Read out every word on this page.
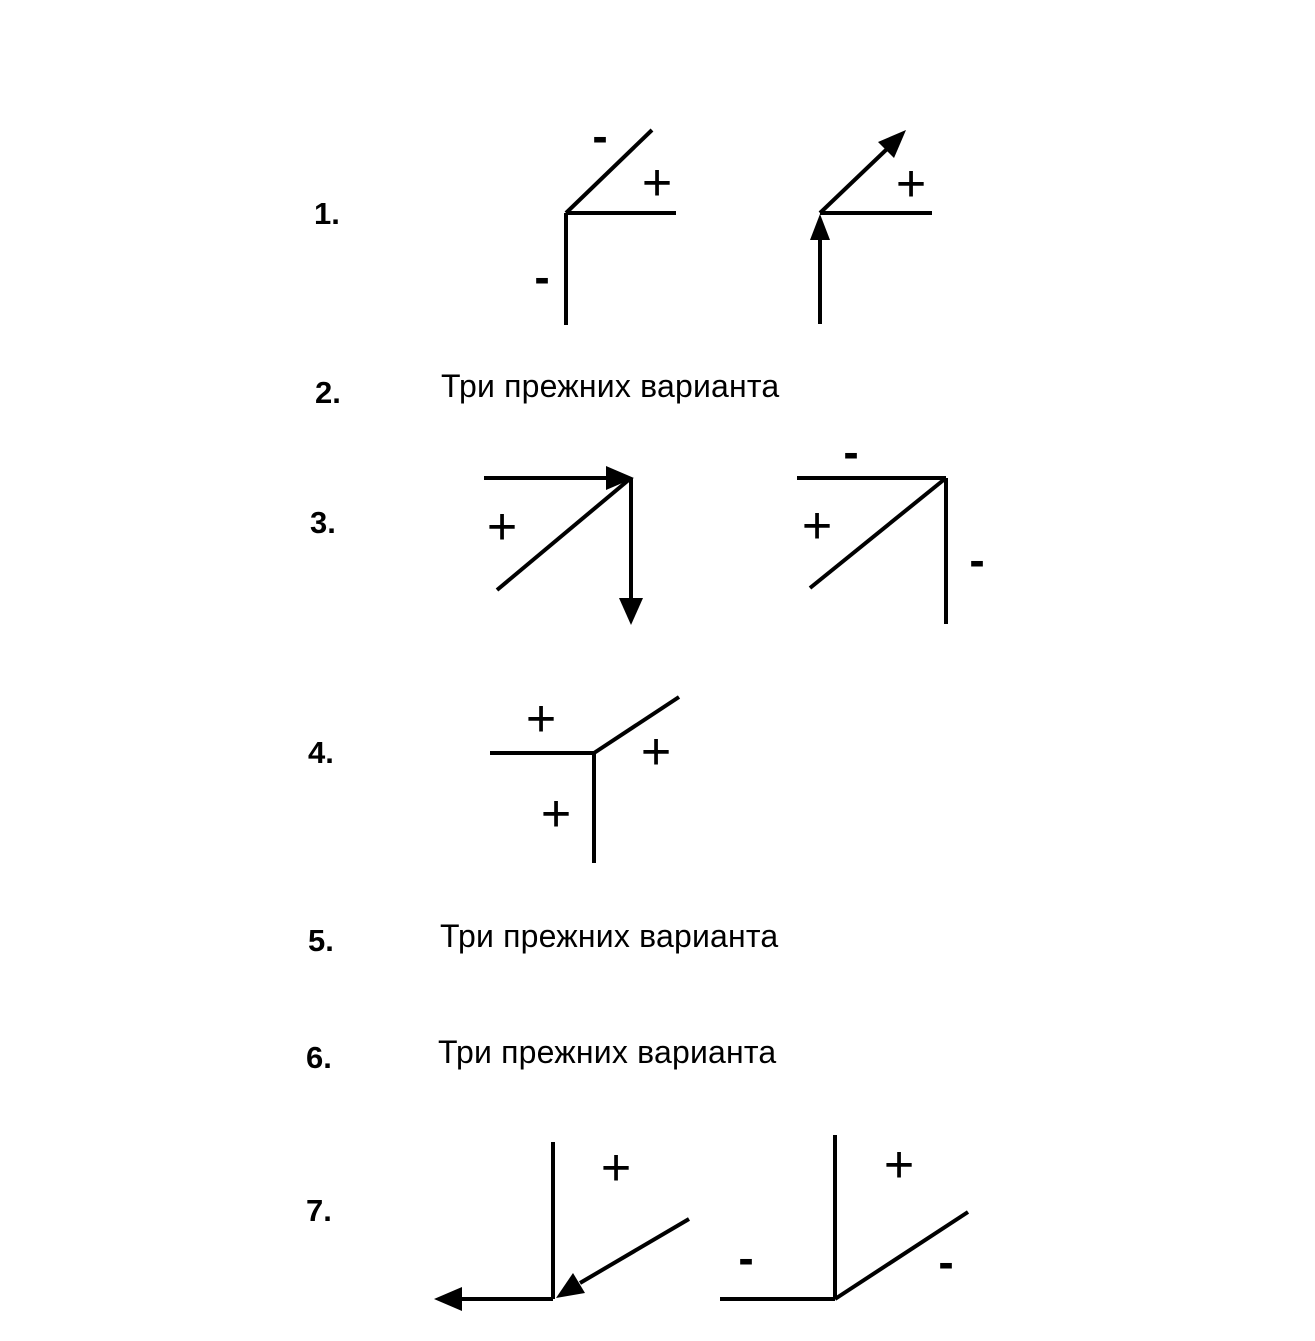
1.
2.	Три прежних варианта
3.
4.
5.	Три прежних варианта
6.	Три прежних варианта
7.
-
+
-
+
+
-
+
-
+
+
+
+	+
-	-
